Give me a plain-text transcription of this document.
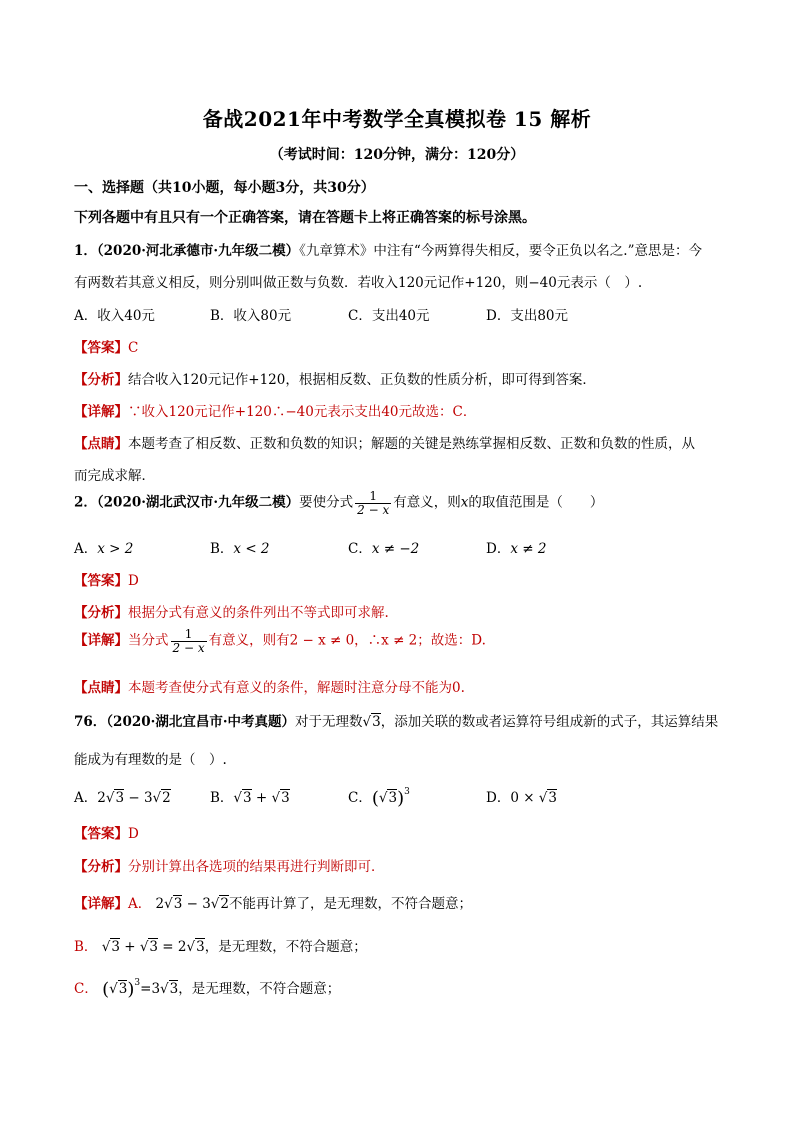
备战2021年中考数学全真模拟卷 15 解析
（考试时间：120分钟，满分：120分）
一、选择题（共10小题，每小题3分，共30分）
下列各题中有且只有一个正确答案，请在答题卡上将正确答案的标号涂黑。
1．（2020·河北承德市·九年级二模）《九章算术》中注有“今两算得失相反，要令正负以名之.”意思是：今
有两数若其意义相反，则分别叫做正数与负数．若收入120元记作+120，则−40元表示（　）.
A．收入40元	B．收入80元	C．支出40元	D．支出80元
【答案】C
【分析】结合收入120元记作+120，根据相反数、正负数的性质分析，即可得到答案．
【详解】∵收入120元记作+120∴−40元表示支出40元故选：C．
【点睛】本题考查了相反数、正数和负数的知识；解题的关键是熟练掌握相反数、正数和负数的性质，从
而完成求解．
2．（2020·湖北武汉市·九年级二模）要使分式 $\frac{1}{2 - x}$ 有意义，则x的取值范围是（　　）
A．x > 2	B．x < 2	C．x ≠ −2	D．x ≠ 2
【答案】D
【分析】根据分式有意义的条件列出不等式即可求解.
【详解】当分式 $\frac{1}{2 - x}$ 有意义，则有2 − x ≠ 0，∴x ≠ 2；故选：D.
【点睛】本题考查使分式有意义的条件，解题时注意分母不能为0.
76．（2020·湖北宜昌市·中考真题）对于无理数√3，添加关联的数或者运算符号组成新的式子，其运算结果
能成为有理数的是（　）.
A．2√3 − 3√2	B．√3 + √3	C．$(√3)^3$	D．0 × √3
【答案】D
【分析】分别计算出各选项的结果再进行判断即可．
【详解】A． 2√3 − 3√2不能再计算了，是无理数，不符合题意；
B． √3 + √3 = 2√3，是无理数，不符合题意；
C． $(√3)^3=3√3$，是无理数，不符合题意；
